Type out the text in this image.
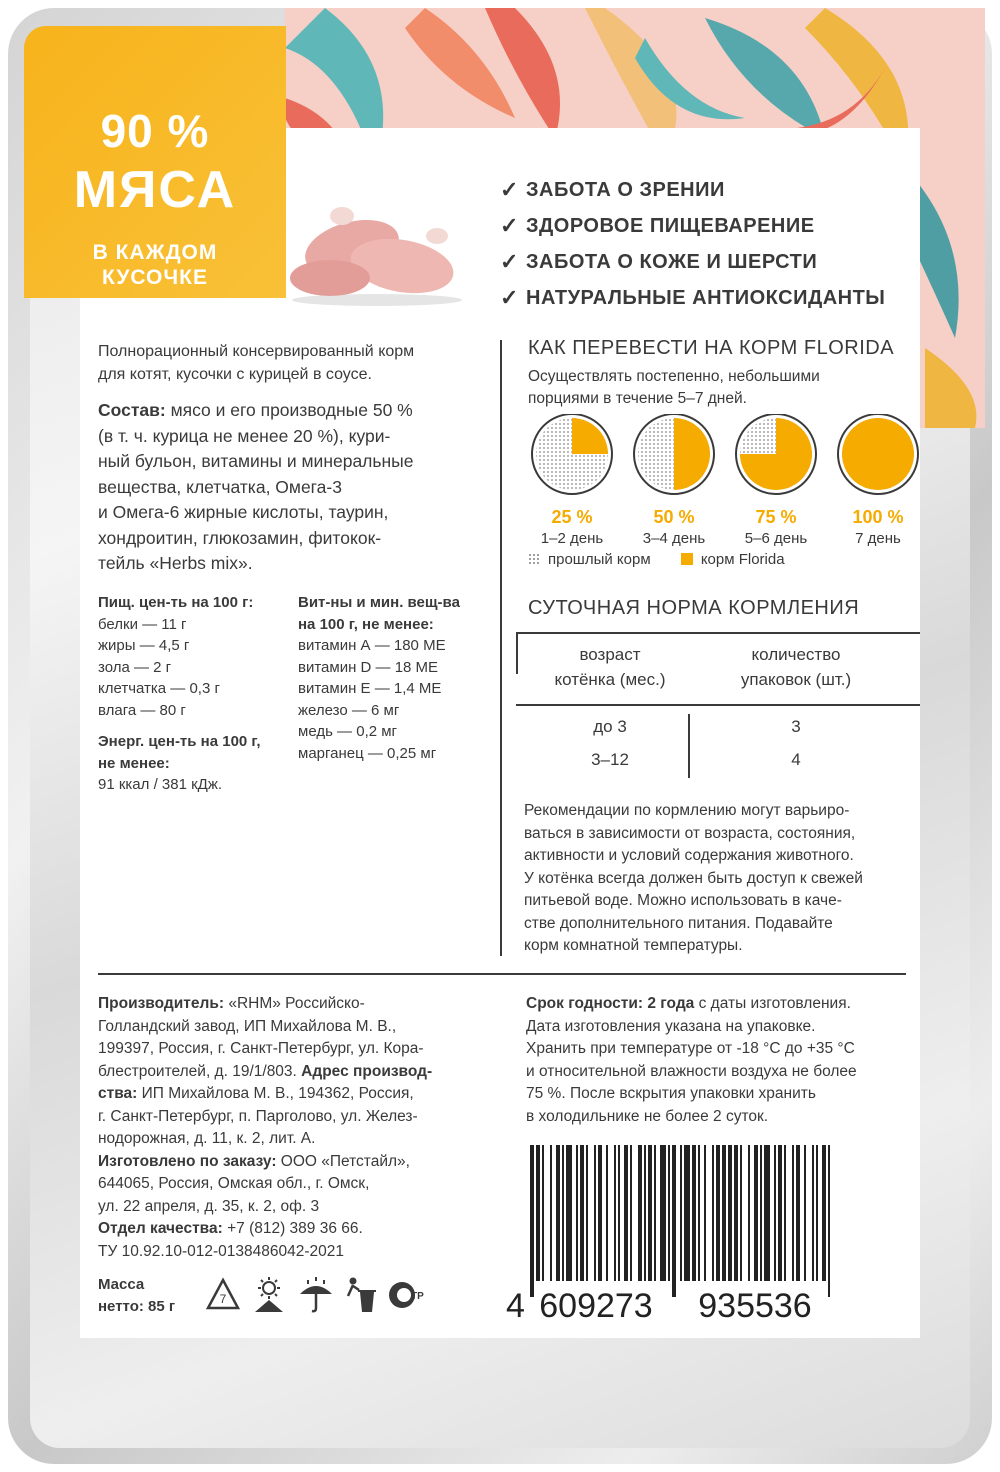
90 %
МЯСА
В КАЖДОМ
КУСОЧКЕ
✓ ЗАБОТА О ЗРЕНИИ
✓ ЗДОРОВОЕ ПИЩЕВАРЕНИЕ
✓ ЗАБОТА О КОЖЕ И ШЕРСТИ
✓ НАТУРАЛЬНЫЕ АНТИОКСИДАНТЫ
Полнорационный консервированный корм
для котят, кусочки с курицей в соусе.
Состав: мясо и его производные 50 %
(в т. ч. курица не менее 20 %), кури-
ный бульон, витамины и минеральные
вещества, клетчатка, Омега-3
и Омега-6 жирные кислоты, таурин,
хондроитин, глюкозамин, фитокок-
тейль «Herbs mix».
Пищ. цен-ть на 100 г:
белки — 11 г
жиры — 4,5 г
зола — 2 г
клетчатка — 0,3 г
влага — 80 г
Энерг. цен-ть на 100 г,
не менее:
91 ккал / 381 кДж.
Вит-ны и мин. вещ-ва
на 100 г, не менее:
витамин А — 180 МЕ
витамин D — 18 МЕ
витамин Е — 1,4 МЕ
железо — 6 мг
медь — 0,2 мг
марганец — 0,25 мг
КАК ПЕРЕВЕСТИ НА КОРМ FLORIDA
Осуществлять постепенно, небольшими
порциями в течение 5–7 дней.
25 %
1–2 день
50 %
3–4 день
75 %
5–6 день
100 %
7 день
прошлый корм	корм Florida
СУТОЧНАЯ НОРМА КОРМЛЕНИЯ
возраст
котёнка (мес.)
количество
упаковок (шт.)
до 3	3
3–12	4
Рекомендации по кормлению могут варьиро-
ваться в зависимости от возраста, состояния,
активности и условий содержания животного.
У котёнка всегда должен быть доступ к свежей
питьевой воде. Можно использовать в каче-
стве дополнительного питания. Подавайте
корм комнатной температуры.
Производитель: «RHM» Российско-
Голландский завод, ИП Михайлова М. В.,
199397, Россия, г. Санкт-Петербург, ул. Кора-
блестроителей, д. 19/1/803. Адрес производ-
ства: ИП Михайлова М. В., 194362, Россия,
г. Санкт-Петербург, п. Парголово, ул. Желез-
нодорожная, д. 11, к. 2, лит. А.
Изготовлено по заказу: ООО «Петстайл»,
644065, Россия, Омская обл., г. Омск,
ул. 22 апреля, д. 35, к. 2, оф. 3
Отдел качества: +7 (812) 389 36 66.
ТУ 10.92.10-012-0138486042-2021
Срок годности: 2 года с даты изготовления.
Дата изготовления указана на упаковке.
Хранить при температуре от -18 °C до +35 °C
и относительной влажности воздуха не более
75 %. После вскрытия упаковки хранить
в холодильнике не более 2 суток.
Масса
нетто: 85 г	7	ТР 4 609273 935536
